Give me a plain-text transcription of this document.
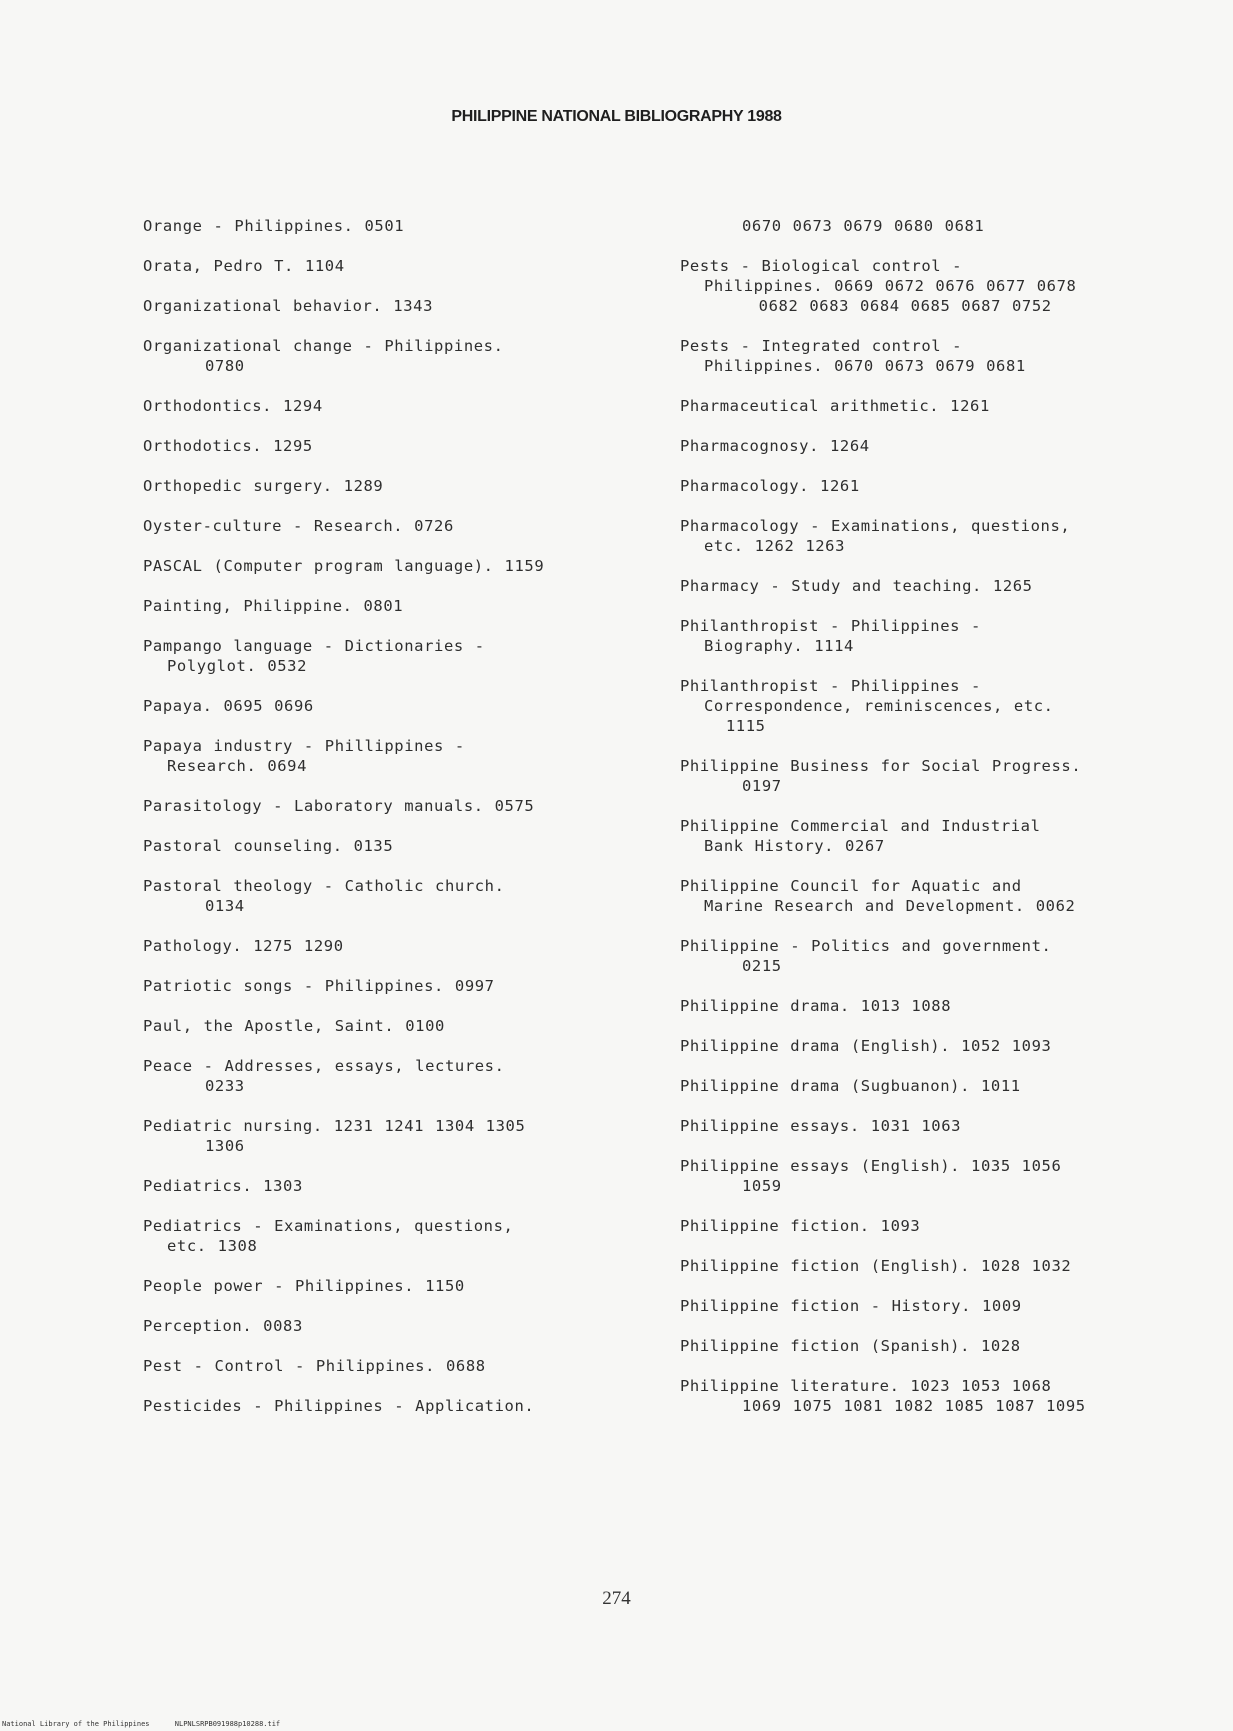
PHILIPPINE NATIONAL BIBLIOGRAPHY 1988
Orange - Philippines. 0501
Orata, Pedro T. 1104
Organizational behavior. 1343
Organizational change - Philippines.
0780
Orthodontics. 1294
Orthodotics. 1295
Orthopedic surgery. 1289
Oyster-culture - Research. 0726
PASCAL (Computer program language). 1159
Painting, Philippine. 0801
Pampango language - Dictionaries -
Polyglot. 0532
Papaya. 0695 0696
Papaya industry - Phillippines -
Research. 0694
Parasitology - Laboratory manuals. 0575
Pastoral counseling. 0135
Pastoral theology - Catholic church.
0134
Pathology. 1275 1290
Patriotic songs - Philippines. 0997
Paul, the Apostle, Saint. 0100
Peace - Addresses, essays, lectures.
0233
Pediatric nursing. 1231 1241 1304 1305
1306
Pediatrics. 1303
Pediatrics - Examinations, questions,
etc. 1308
People power - Philippines. 1150
Perception. 0083
Pest - Control - Philippines. 0688
Pesticides - Philippines - Application.
0670 0673 0679 0680 0681
Pests - Biological control -
Philippines. 0669 0672 0676 0677 0678
0682 0683 0684 0685 0687 0752
Pests - Integrated control -
Philippines. 0670 0673 0679 0681
Pharmaceutical arithmetic. 1261
Pharmacognosy. 1264
Pharmacology. 1261
Pharmacology - Examinations, questions,
etc. 1262 1263
Pharmacy - Study and teaching. 1265
Philanthropist - Philippines -
Biography. 1114
Philanthropist - Philippines -
Correspondence, reminiscences, etc.
1115
Philippine Business for Social Progress.
0197
Philippine Commercial and Industrial
Bank History. 0267
Philippine Council for Aquatic and
Marine Research and Development. 0062
Philippine - Politics and government.
0215
Philippine drama. 1013 1088
Philippine drama (English). 1052 1093
Philippine drama (Sugbuanon). 1011
Philippine essays. 1031 1063
Philippine essays (English). 1035 1056
1059
Philippine fiction. 1093
Philippine fiction (English). 1028 1032
Philippine fiction - History. 1009
Philippine fiction (Spanish). 1028
Philippine literature. 1023 1053 1068
1069 1075 1081 1082 1085 1087 1095
274
National Library of the Philippines      NLPNLSRPB091988p10288.tif
